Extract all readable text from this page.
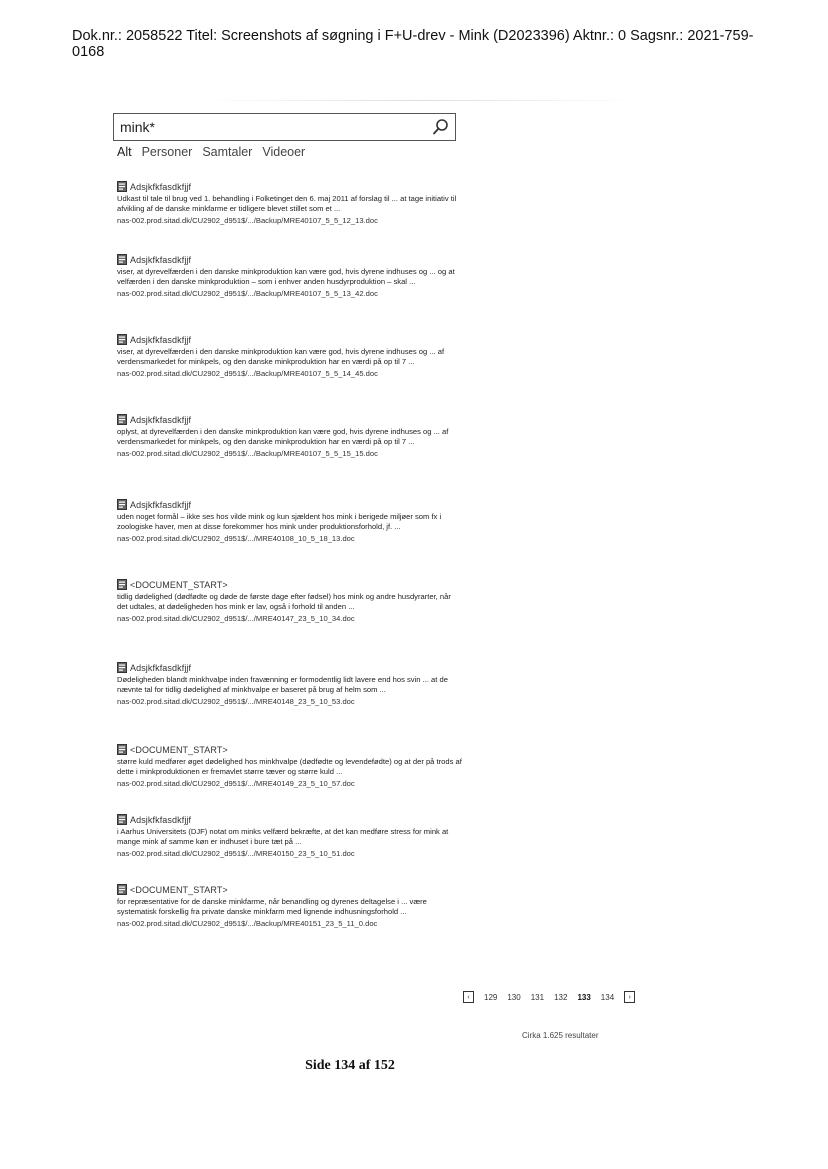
Dok.nr.: 2058522 Titel: Screenshots af søgning i F+U-drev - Mink (D2023396) Aktnr.: 0 Sagsnr.: 2021-759-0168
mink*
Alt Personer Samtaler Videoer
Adsjkfkfasdkfjjf
Udkast til tale til brug ved 1. behandling i Folketinget den 6. maj 2011 af forslag til ... at tage initiativ til afvikling af de danske minkfarme er tidligere blevet stillet som et ...
nas-002.prod.sitad.dk/CU2902_d951$/.../Backup/MRE40107_5_5_12_13.doc
Adsjkfkfasdkfjjf
viser, at dyrevelfærden i den danske minkproduktion kan være god, hvis dyrene indhuses og ... og at velfærden i den danske minkproduktion – som i enhver anden husdyrproduktion – skal ...
nas-002.prod.sitad.dk/CU2902_d951$/.../Backup/MRE40107_5_5_13_42.doc
Adsjkfkfasdkfjjf
viser, at dyrevelfærden i den danske minkproduktion kan være god, hvis dyrene indhuses og ... af verdensmarkedet for minkpels, og den danske minkproduktion har en værdi på op til 7 ...
nas-002.prod.sitad.dk/CU2902_d951$/.../Backup/MRE40107_5_5_14_45.doc
Adsjkfkfasdkfjjf
oplyst, at dyrevelfærden i den danske minkproduktion kan være god, hvis dyrene indhuses og ... af verdensmarkedet for minkpels, og den danske minkproduktion har en værdi på op til 7 ...
nas-002.prod.sitad.dk/CU2902_d951$/.../Backup/MRE40107_5_5_15_15.doc
Adsjkfkfasdkfjjf
uden noget formål – ikke ses hos vilde mink og kun sjældent hos mink i berigede miljøer som fx i zoologiske haver, men at disse forekommer hos mink under produktionsforhold, jf. ...
nas-002.prod.sitad.dk/CU2902_d951$/.../MRE40108_10_5_18_13.doc
<DOCUMENT_START>
tidlig dødelighed (dødfødte og døde de første dage efter fødsel) hos mink og andre husdyrarter, når det udtales, at dødeligheden hos mink er lav, også i forhold til anden ...
nas-002.prod.sitad.dk/CU2902_d951$/.../MRE40147_23_5_10_34.doc
Adsjkfkfasdkfjjf
Dødeligheden blandt minkhvalpe inden fravænning er formodentlig lidt lavere end hos svin ... at de nævnte tal for tidlig dødelighed af minkhvalpe er baseret på brug af helm som ...
nas-002.prod.sitad.dk/CU2902_d951$/.../MRE40148_23_5_10_53.doc
<DOCUMENT_START>
større kuld medfører øget dødelighed hos minkhvalpe (dødfødte og levendefødte) og at der på trods af dette i minkproduktionen er fremavlet større tæver og større kuld ...
nas-002.prod.sitad.dk/CU2902_d951$/.../MRE40149_23_5_10_57.doc
Adsjkfkfasdkfjjf
i Aarhus Universitets (DJF) notat om minks velfærd bekræfte, at det kan medføre stress for mink at mange mink af samme køn er indhuset i bure tæt på ...
nas-002.prod.sitad.dk/CU2902_d951$/.../MRE40150_23_5_10_51.doc
<DOCUMENT_START>
for repræsentative for de danske minkfarme, når benandling og dyrenes deltagelse i ... være systematisk forskellig fra private danske minkfarm med lignende indhusningsforhold ...
nas-002.prod.sitad.dk/CU2902_d951$/.../Backup/MRE40151_23_5_11_0.doc
‹	129 130 131 132 133 134	›
Cirka 1.625 resultater
Side 134 af 152
